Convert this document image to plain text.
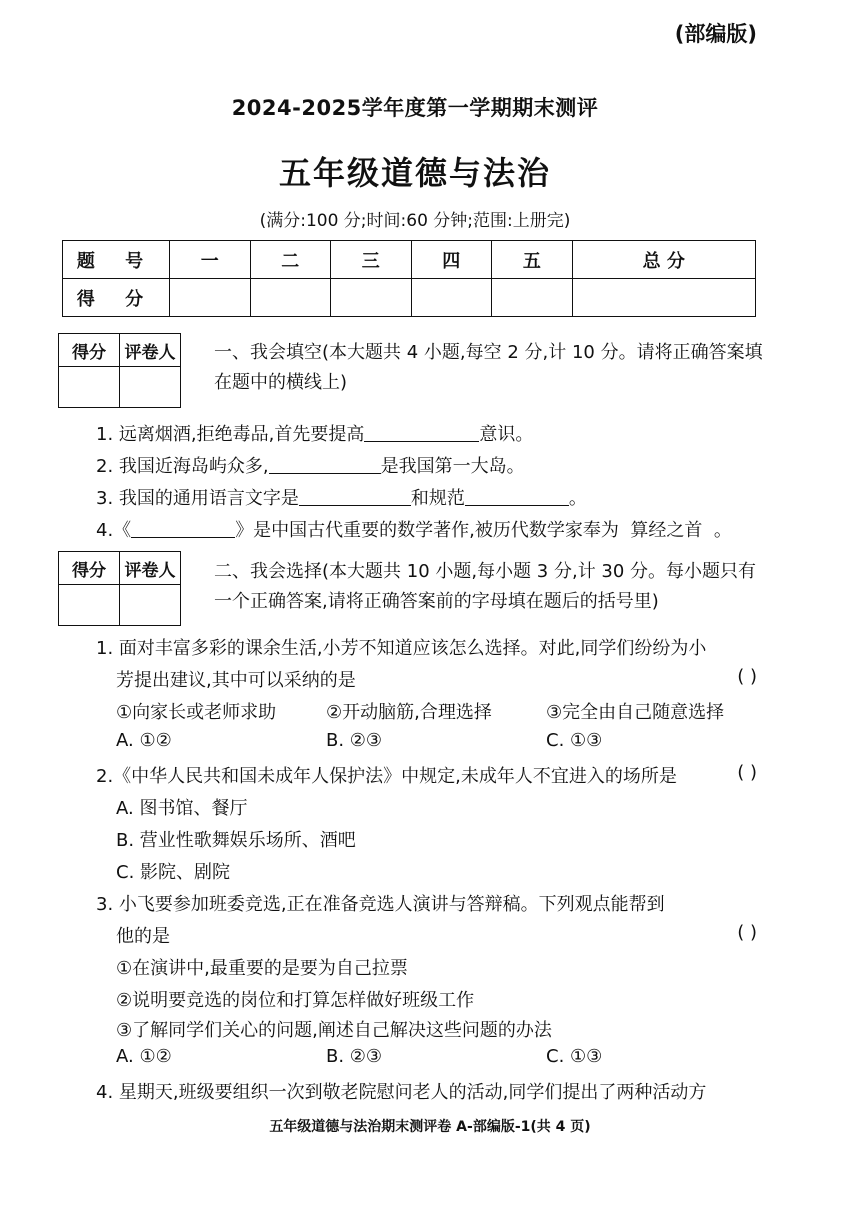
(部编版)
2024-2025学年度第一学期期末测评
五年级道德与法治
(满分:100 分;时间:60 分钟;范围:上册完)
题 号	一	二	三	四	五	总 分
得 分						
得分	评卷人
	一、我会填空(本大题共 4 小题,每空 2 分,计 10 分。请将正确答案填在题中的横线上)
1. 远离烟酒,拒绝毒品,首先要提高	意识。
2. 我国近海岛屿众多,	是我国第一大岛。
3. 我国的通用语言文字是	和规范	。
4.《	》是中国古代重要的数学著作,被历代数学家奉为 算经之首 。
得分	评卷人
	二、我会选择(本大题共 10 小题,每小题 3 分,计 30 分。每小题只有一个正确答案,请将正确答案前的字母填在题后的括号里)
1. 面对丰富多彩的课余生活,小芳不知道应该怎么选择。对此,同学们纷纷为小
芳提出建议,其中可以采纳的是	( )
①向家长或老师求助	②开动脑筋,合理选择	③完全由自己随意选择
A. ①②	B. ②③	C. ①③
2.《中华人民共和国未成年人保护法》中规定,未成年人不宜进入的场所是	( )
A. 图书馆、餐厅
B. 营业性歌舞娱乐场所、酒吧
C. 影院、剧院
3. 小飞要参加班委竞选,正在准备竞选人演讲与答辩稿。下列观点能帮到
他的是	( )
①在演讲中,最重要的是要为自己拉票
②说明要竞选的岗位和打算怎样做好班级工作
③了解同学们关心的问题,阐述自己解决这些问题的办法
A. ①②	B. ②③	C. ①③
4. 星期天,班级要组织一次到敬老院慰问老人的活动,同学们提出了两种活动方
五年级道德与法治期末测评卷 A-部编版-1(共 4 页)
